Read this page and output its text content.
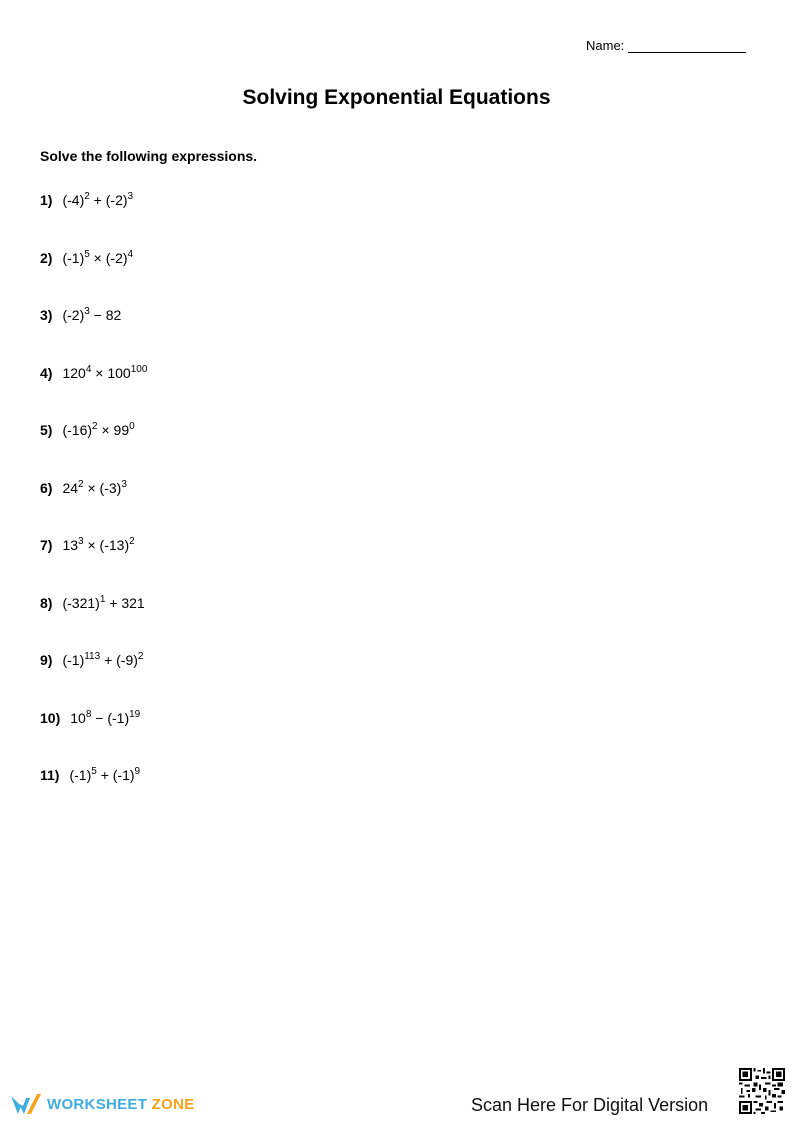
Name:
Solving Exponential Equations
Solve the following expressions.
1) $(-4)^2 + (-2)^3$
2) $(-1)^5 \times (-2)^4$
3) $(-2)^3 - 82$
4) $120^4 \times 100^{100}$
5) $(-16)^2 \times 99^0$
6) $24^2 \times (-3)^3$
7) $13^3 \times (-13)^2$
8) $(-321)^1 + 321$
9) $(-1)^{113} + (-9)^2$
10) $10^8 - (-1)^{19}$
11) $(-1)^5 + (-1)^9$
WORKSHEET ZONE	Scan Here For Digital Version
